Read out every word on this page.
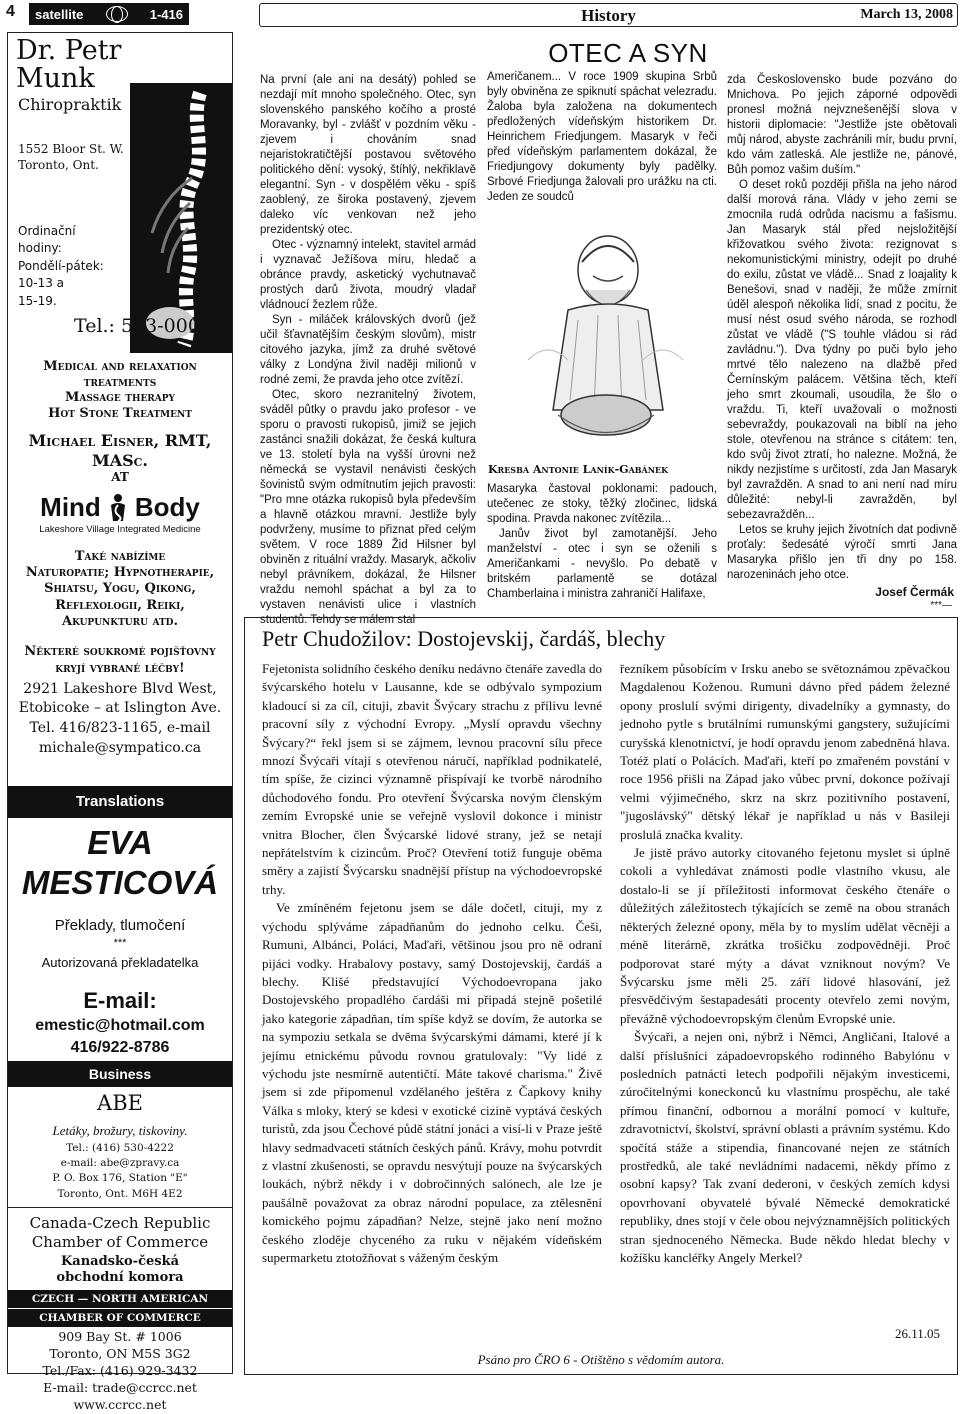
4 satellite	1-416	History	March 13, 2008
Dr. Petr
Munk
Chiropraktik
1552 Bloor St. W.
Toronto, Ont.
Ordinační
hodiny:
Pondělí-pátek:
10-13 a
15-19.
Tel.: 533-0005
Medical and relaxation
treatments
Massage therapy
Hot Stone Treatment
Michael Eisner, RMT,
MASc.
AT
Mind Body
Lakeshore Village Integrated Medicine
Také nabízíme
Naturopatie; Hypnotherapie,
Shiatsu, Yogu, Qikong,
Reflexologii, Reiki,
Akupunkturu atd.
Některé soukromé pojišťovny
kryjí vybrané léčby!
2921 Lakeshore Blvd West,
Etobicoke – at Islington Ave.
Tel. 416/823-1165, e-mail
michale@sympatico.ca
Translations
EVA
MESTICOVÁ
Překlady, tlumočení
***
Autorizovaná překladatelka
E-mail:
emestic@hotmail.com
416/922-8786
Business
ABE
Letáky, brožury, tiskoviny.
Tel.: (416) 530-4222
e-mail: abe@zpravy.ca
P. O. Box 176, Station "E"
Toronto, Ont. M6H 4E2
Canada-Czech Republic
Chamber of Commerce
Kanadsko-česká
obchodní komora
CZECH — NORTH AMERICAN
CHAMBER OF COMMERCE
909 Bay St. # 1006
Toronto, ON M5S 3G2
Tel./Fax: (416) 929-3432
E-mail: trade@ccrcc.net
www.ccrcc.net
OTEC A SYN

Na první (ale ani na desátý) pohled se nezdají mít mnoho společného. Otec, syn slovenského panského kočího a prosté Moravanky, byl - zvlášť v pozdním věku - zjevem i chováním snad nejaristokratičtější postavou světového politického dění: vysoký, štíhlý, nekřiklavě elegantní. Syn - v dospělém věku - spíš zaoblený, ze široka postavený, zjevem daleko víc venkovan než jeho prezidentský otec.

Otec - významný intelekt, stavitel armád i vyznavač Ježíšova míru, hledač a obránce pravdy, asketický vychutnavač prostých darů života, moudrý vladař vládnoucí žezlem růže.

Syn - miláček královských dvorů (jež učil šťavnatějším českým slovům), mistr citového jazyka, jímž za druhé světové války z Londýna živil naději milionů v rodné zemi, že pravda jeho otce zvítězí.

Otec, skoro nezranitelný životem, sváděl půtky o pravdu jako profesor - ve sporu o pravosti rukopisů, jimiž se jejich zastánci snažili dokázat, že česká kultura ve 13. století byla na vyšší úrovni než německá se vystavil nenávisti českých šovinistů svým odmítnutím jejich pravosti: "Pro mne otázka rukopisů byla především a hlavně otázkou mravní. Jestliže byly podvrženy, musíme to přiznat před celým světem. V roce 1889 Žid Hilsner byl obviněn z rituální vraždy. Masaryk, ačkoliv nebyl právníkem, dokázal, že Hilsner vraždu nemohl spáchat a byl za to vystaven nenávisti ulice i vlastních studentů. Tehdy se málem stal

Američanem... V roce 1909 skupina Srbů byly obviněna ze spiknutí spáchat velezradu. Žaloba byla založena na dokumentech předložených vídeňským historikem Dr. Heinrichem Friedjungem. Masaryk v řeči před vídeňským parlamentem dokázal, že Friedjungovy dokumenty byly padělky. Srbové Friedjunga žalovali pro urážku na cti. Jeden ze soudců

Kresba Antonie Laník-Gabánek

Masaryka častoval poklonami: padouch, utečenec ze stoky, těžký zločinec, lidská spodina. Pravda nakonec zvítězila...

Janův život byl zamotanější. Jeho manželství - otec i syn se oženili s Američankami - nevyšlo. Po debatě v britském parlamentě se dotázal Chamberlaina i ministra zahraničí Halifaxe,

zda Československo bude pozváno do Mnichova. Po jejich záporné odpovědi pronesl možná nejvznešenější slova v historii diplomacie: "Jestliže jste obětovali můj národ, abyste zachránili mír, budu první, kdo vám zatleská. Ale jestliže ne, pánové, Bůh pomoz vašim duším."

O deset roků později přišla na jeho národ další morová rána. Vlády v jeho zemi se zmocnila rudá odrůda nacismu a fašismu. Jan Masaryk stál před nejsložitější křižovatkou svého života: rezignovat s nekomunistickými ministry, odejít po druhé do exilu, zůstat ve vládě... Snad z loajality k Benešovi, snad v naději, že může zmírnit úděl alespoň několika lidí, snad z pocitu, že musí nést osud svého národa, se rozhodl zůstat ve vládě ("S touhle vládou si rád zavládnu."). Dva týdny po puči bylo jeho mrtvé tělo nalezeno na dlažbě před Černínským palácem. Většina těch, kteří jeho smrt zkoumali, usoudila, že šlo o vraždu. Ti, kteří uvažovali o možnosti sebevraždy, poukazovali na biblí na jeho stole, otevřenou na stránce s citátem: ten, kdo svůj život ztratí, ho nalezne. Možná, že nikdy nezjistíme s určitostí, zda Jan Masaryk byl zavražděn. A snad to ani není nad míru důležité: nebyl-li zavražděn, byl sebezavražděn...

Letos se kruhy jejich životních dat podivně proťaly: šedesáté výročí smrti Jana Masaryka přišlo jen tři dny po 158. narozeninách jeho otce.

Josef Čermák
***—
Petr Chudožilov: Dostojevskij, čardáš, blechy

Fejetonista solidního českého deníku nedávno čtenáře zavedla do švýcarského hotelu v Lausanne, kde se odbývalo sympozium kladoucí si za cíl, cituji, zbavit Švýcary strachu z přílivu levné pracovní síly z východní Evropy. „Myslí opravdu všechny Švýcary?“ řekl jsem si se zájmem, levnou pracovní sílu přece mnozí Švýcaři vítají s otevřenou náručí, například podnikatelé, tím spíše, že cizinci významně přispívají ke tvorbě národního důchodového fondu. Pro otevření Švýcarska novým členským zemím Evropské unie se veřejně vyslovil dokonce i ministr vnitra Blocher, člen Švýcarské lidové strany, jež se netají nepřátelstvím k cizincům. Proč? Otevření totiž funguje oběma směry a zajistí Švýcarsku snadnější přístup na východoevropské trhy.

Ve zmíněném fejetonu jsem se dále dočetl, cituji, my z východu splýváme západňanům do jednoho celku. Češi, Rumuni, Albánci, Poláci, Maďaři, většinou jsou pro ně odraní pijáci vodky. Hrabalovy postavy, samý Dostojevskij, čardáš a blechy. Klišé představující Východoevropana jako Dostojevského propadlého čardáši mi připadá stejně pošetilé jako kategorie západňan, tím spíše když se dovím, že autorka se na sympoziu setkala se dvěma švýcarskými dámami, které jí k jejímu etnickému původu rovnou gratulovaly: "Vy lidé z východu jste nesmírně autentičtí. Máte takové charisma." Živě jsem si zde připomenul vzdělaného ještěra z Čapkovy knihy Válka s mloky, který se kdesi v exotické cizině vyptává českých turistů, zda jsou Čechové půdě státní jonáci a visí-li v Praze ještě hlavy sedmadvaceti státních českých pánů. Krávy, mohu potvrdit z vlastní zkušenosti, se opravdu nesvýtují pouze na švýcarských loukách, nýbrž někdy i v dobročinných salónech, ale lze je paušálně považovat za obraz národní populace, za ztělesnění komického pojmu západňan? Nelze, stejně jako není možno českého zloděje chyceného za ruku v nějakém vídeňském supermarketu ztotožňovat s váženým českým

řezníkem působícím v Irsku anebo se světoznámou zpěvačkou Magdalenou Koženou. Rumuni dávno před pádem železné opony proslulí svými dirigenty, divadelníky a gymnasty, do jednoho pytle s brutálními rumunskými gangstery, sužujícími curyšská klenotnictví, je hodí opravdu jenom zabedněná hlava. Totéž platí o Polácích. Maďaři, kteří po zmařeném povstání v roce 1956 přišli na Západ jako vůbec první, dokonce požívají velmi výjimečného, skrz na skrz pozitivního postavení, "jugoslávský" dětský lékař je například u nás v Basileji proslulá značka kvality.

Je jistě právo autorky citovaného fejetonu myslet si úplně cokoli a vyhledávat známosti podle vlastního vkusu, ale dostalo-li se jí příležitosti informovat českého čtenáře o důležitých záležitostech týkajících se země na obou stranách některých železné opony, měla by to myslím udělat věcněji a méně literárně, zkrátka trošičku zodpovědněji. Proč podporovat staré mýty a dávat vzniknout novým? Ve Švýcarsku jsme měli 25. září lidové hlasování, jež přesvědčivým šestapadesáti procenty otevřelo zemi novým, převážně východoevropským členům Evropské unie.

Švýcaři, a nejen oni, nýbrž i Němci, Angličani, Italové a další příslušníci západoevropského rodinného Babylónu v posledních patnácti letech podpořili nějakým investicemi, zúročitelnými koneckonců ku vlastnímu prospěchu, ale také přímou finanční, odbornou a morální pomocí v kultuře, zdravotnictví, školství, správní oblasti a právním systému. Kdo spočítá stáže a stipendia, financované nejen ze státních prostředků, ale také nevládními nadacemi, někdy přímo z osobní kapsy? Tak zvaní dederoni, v českých zemích kdysi opovrhovaní obyvatelé bývalé Německé demokratické republiky, dnes stojí v čele obou nejvýznamnějších politických stran sjednoceného Německa. Bude někdo hledat blechy v kožíšku kancléřky Angely Merkel?

26.11.05
Psáno pro ČRO 6 - Otištěno s vědomím autora.
